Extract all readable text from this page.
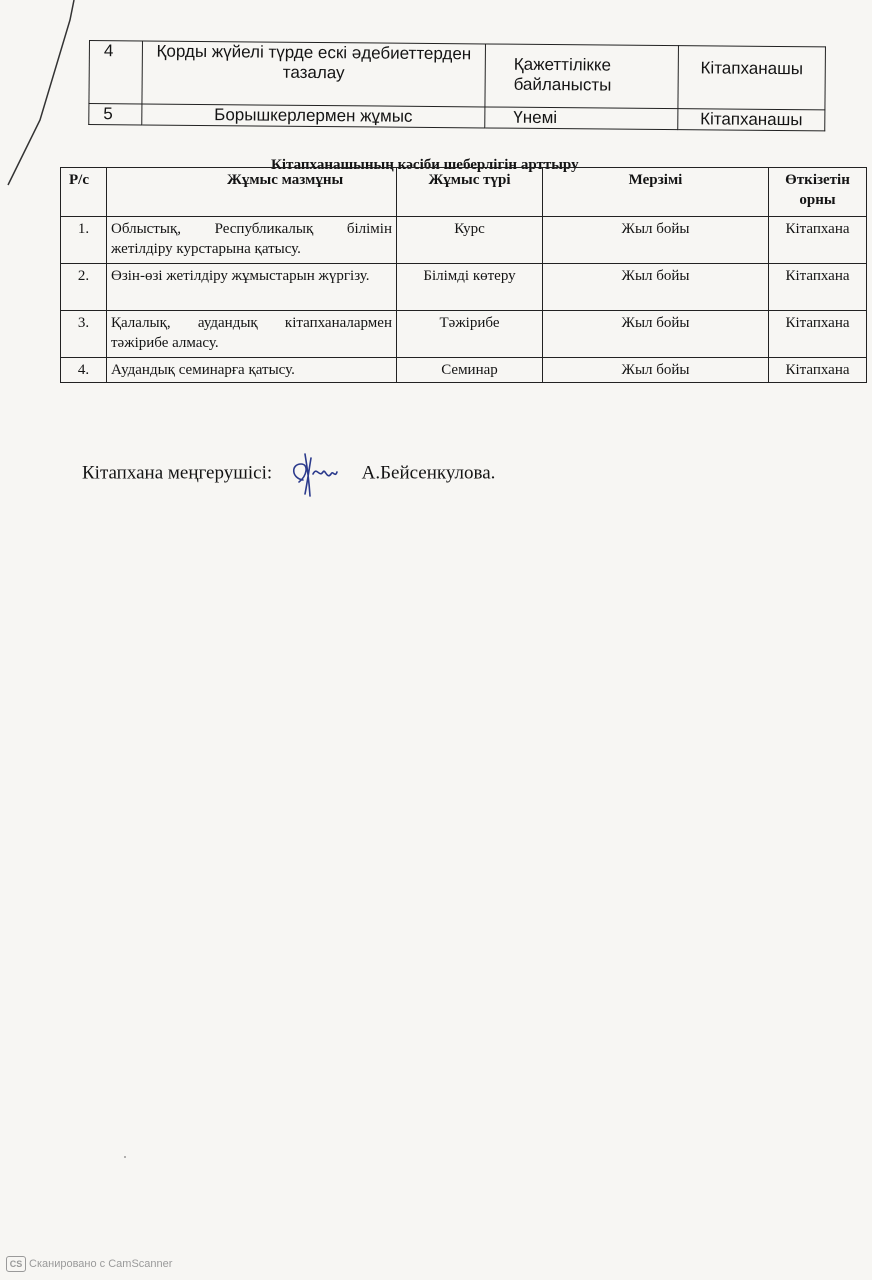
4	Қорды жүйелі түрде ескі әдебиеттерден тазалау	Қажеттілікке байланысты	Кітапханашы
5	Борышкерлермен жұмыс	Үнемі	Кітапханашы
Кітапханашының кәсіби шеберлігін арттыру
Р/с	Жұмыс мазмұны	Жұмыс түрі	Мерзімі	Өткізетін орны
1.	Облыстық, Республикалық білімін жетілдіру курстарына қатысу.	Курс	Жыл бойы	Кітапхана
2.	Өзін-өзі жетілдіру жұмыстарын жүргізу.	Білімді көтеру	Жыл бойы	Кітапхана
3.	Қалалық, аудандық кітапханалармен тәжірибе алмасу.	Тәжірибе	Жыл бойы	Кітапхана
4.	Аудандық семинарға қатысу.	Семинар	Жыл бойы	Кітапхана
Кітапхана меңгерушісі:	А.Бейсенкулова.
CS Сканировано с CamScanner
